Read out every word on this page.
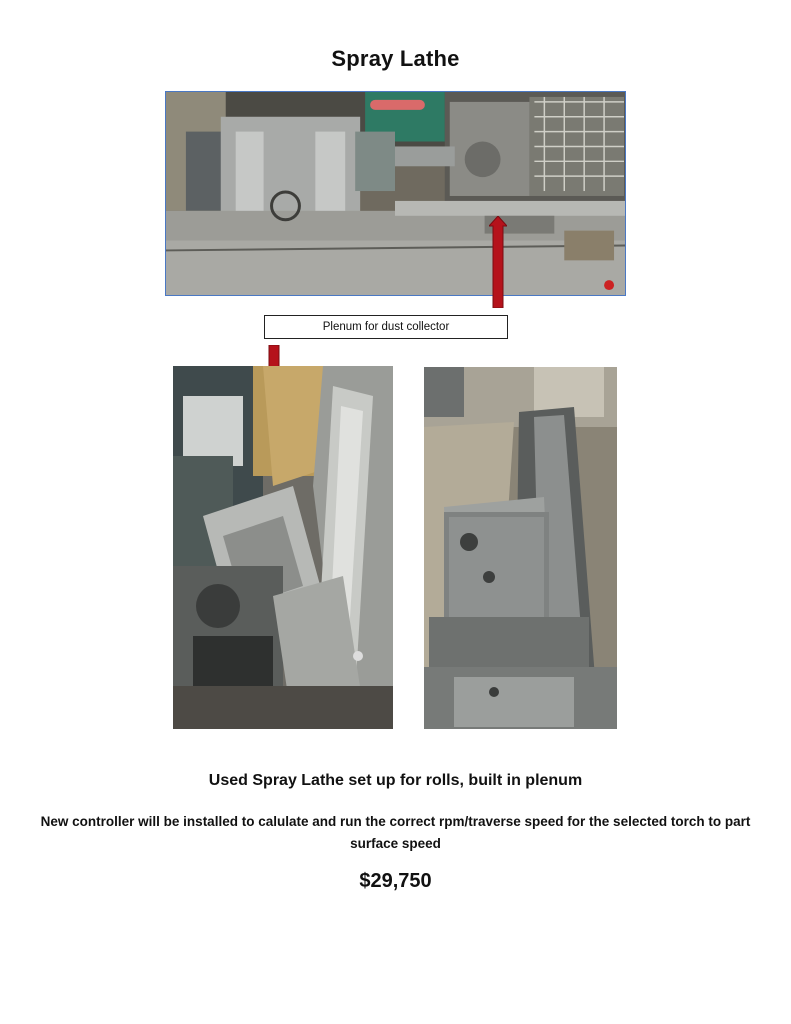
Spray Lathe
Plenum for dust collector
Used Spray Lathe set up for rolls, built in plenum
New controller will be installed to calulate and run the correct rpm/traverse speed for the selected torch to part surface speed
$29,750
